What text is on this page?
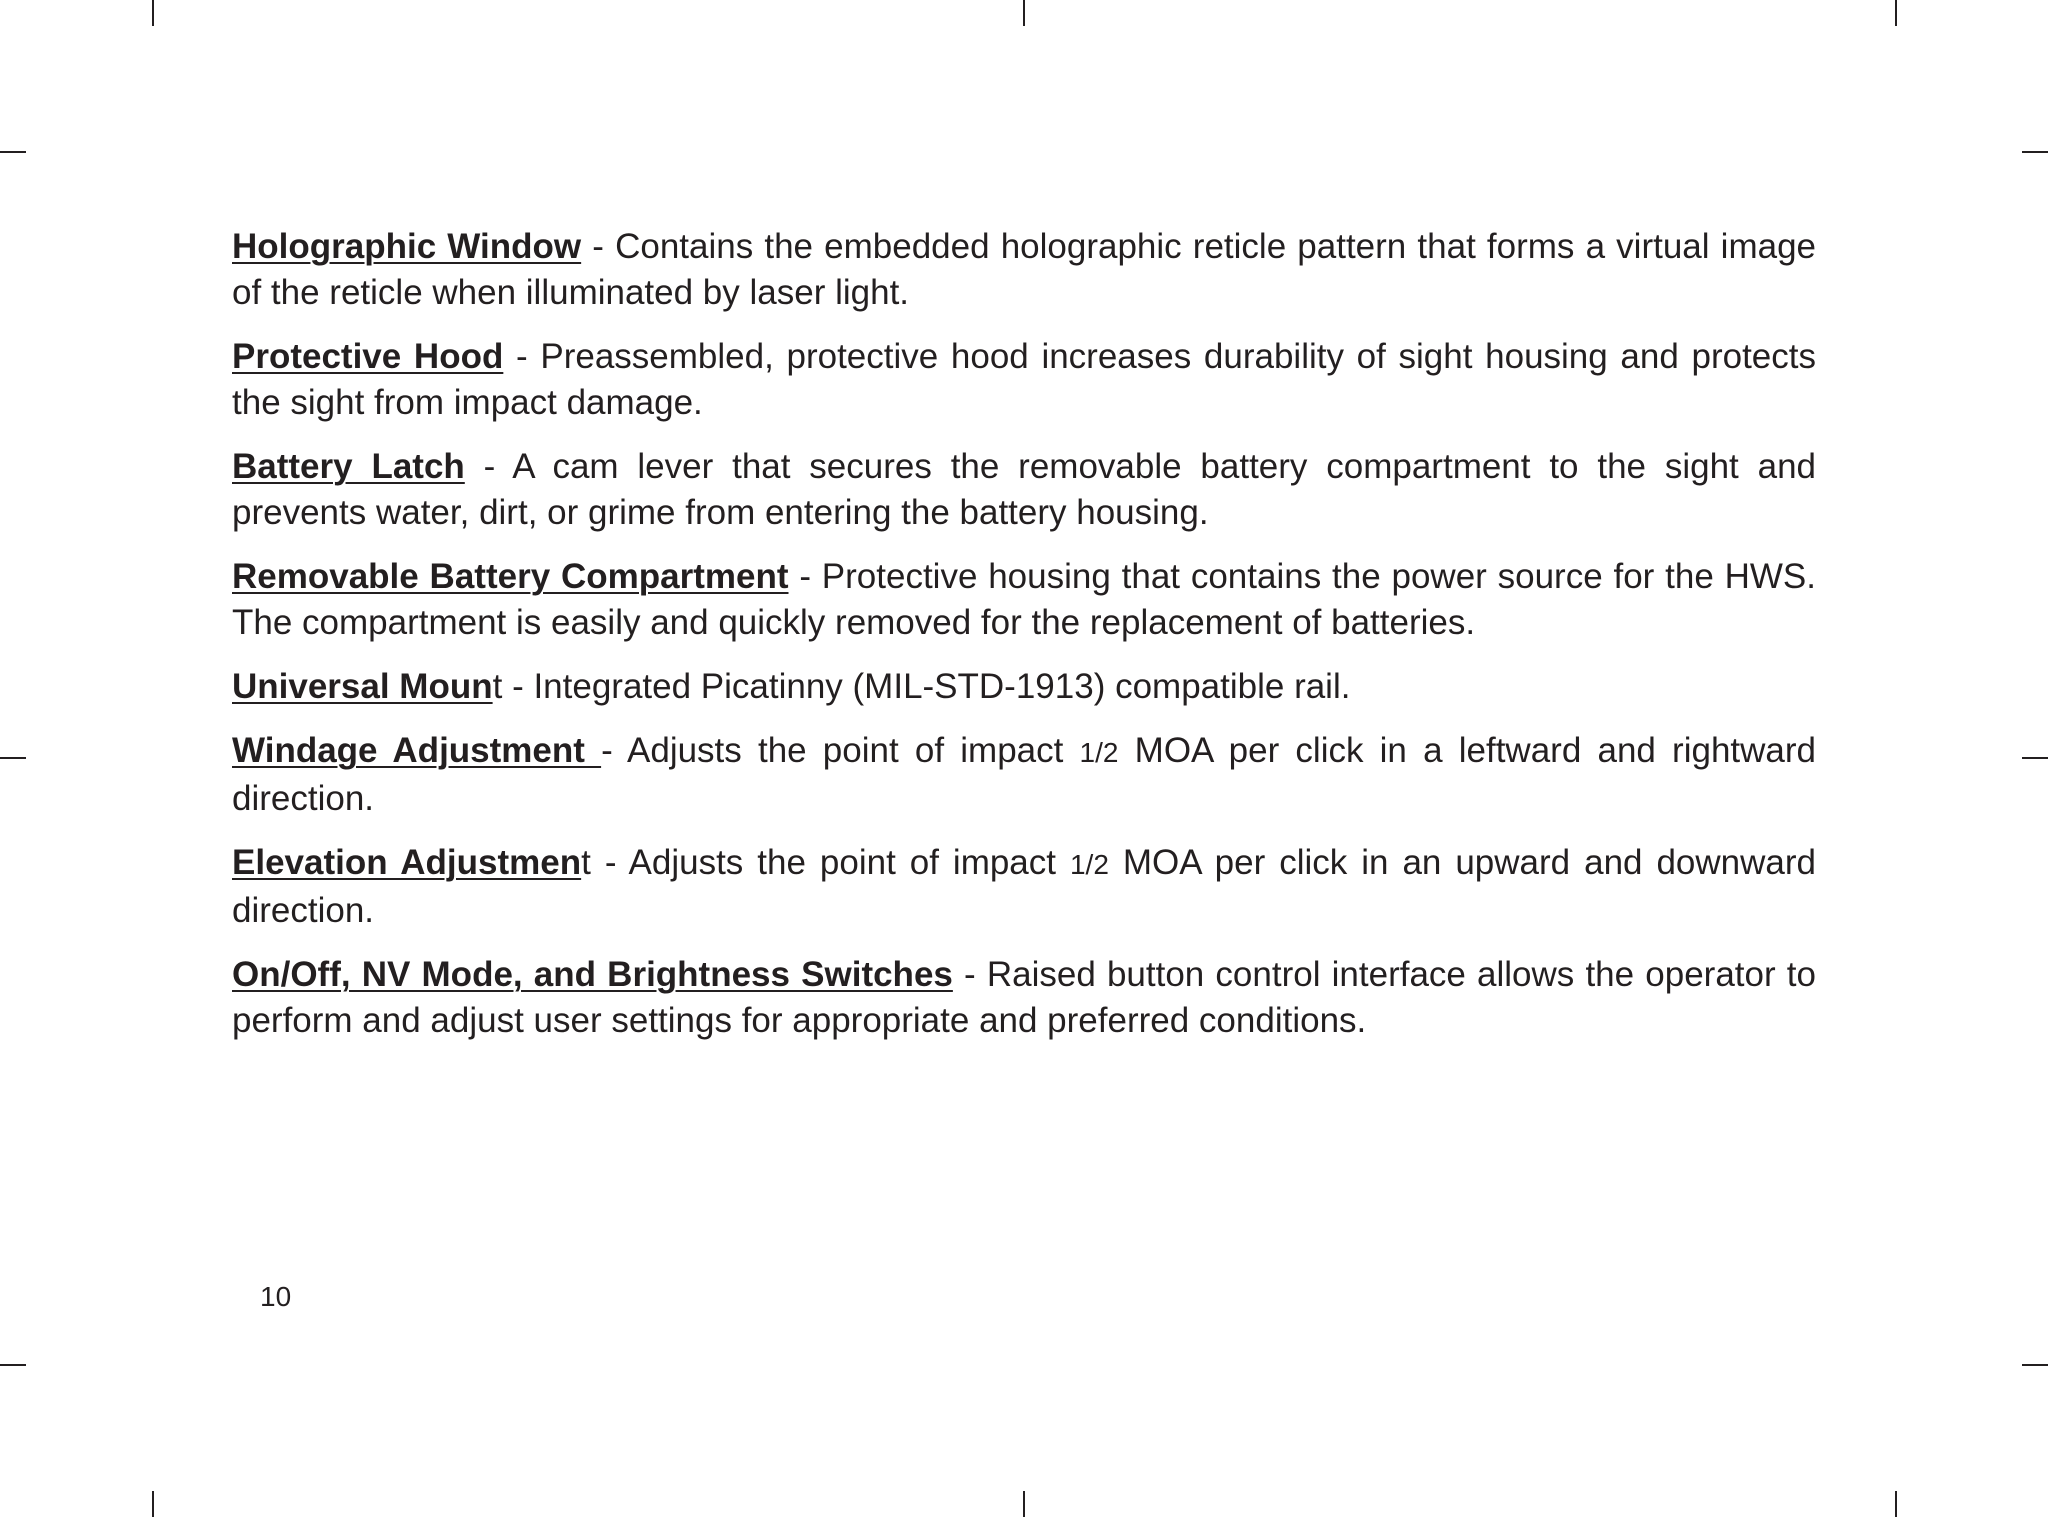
Holographic Window - Contains the embedded holographic reticle pattern that forms a virtual image of the reticle when illuminated by laser light.

Protective Hood - Preassembled, protective hood increases durability of sight housing and protects the sight from impact damage.

Battery Latch - A cam lever that secures the removable battery compartment to the sight and prevents water, dirt, or grime from entering the battery housing.

Removable Battery Compartment - Protective housing that contains the power source for the HWS. The compartment is easily and quickly removed for the replacement of batteries.

Universal Mount - Integrated Picatinny (MIL-STD-1913) compatible rail.

Windage Adjustment - Adjusts the point of impact 1/2 MOA per click in a leftward and rightward direction.

Elevation Adjustment - Adjusts the point of impact 1/2 MOA per click in an upward and downward direction.

On/Off, NV Mode, and Brightness Switches - Raised button control interface allows the operator to perform and adjust user settings for appropriate and preferred conditions.

10
